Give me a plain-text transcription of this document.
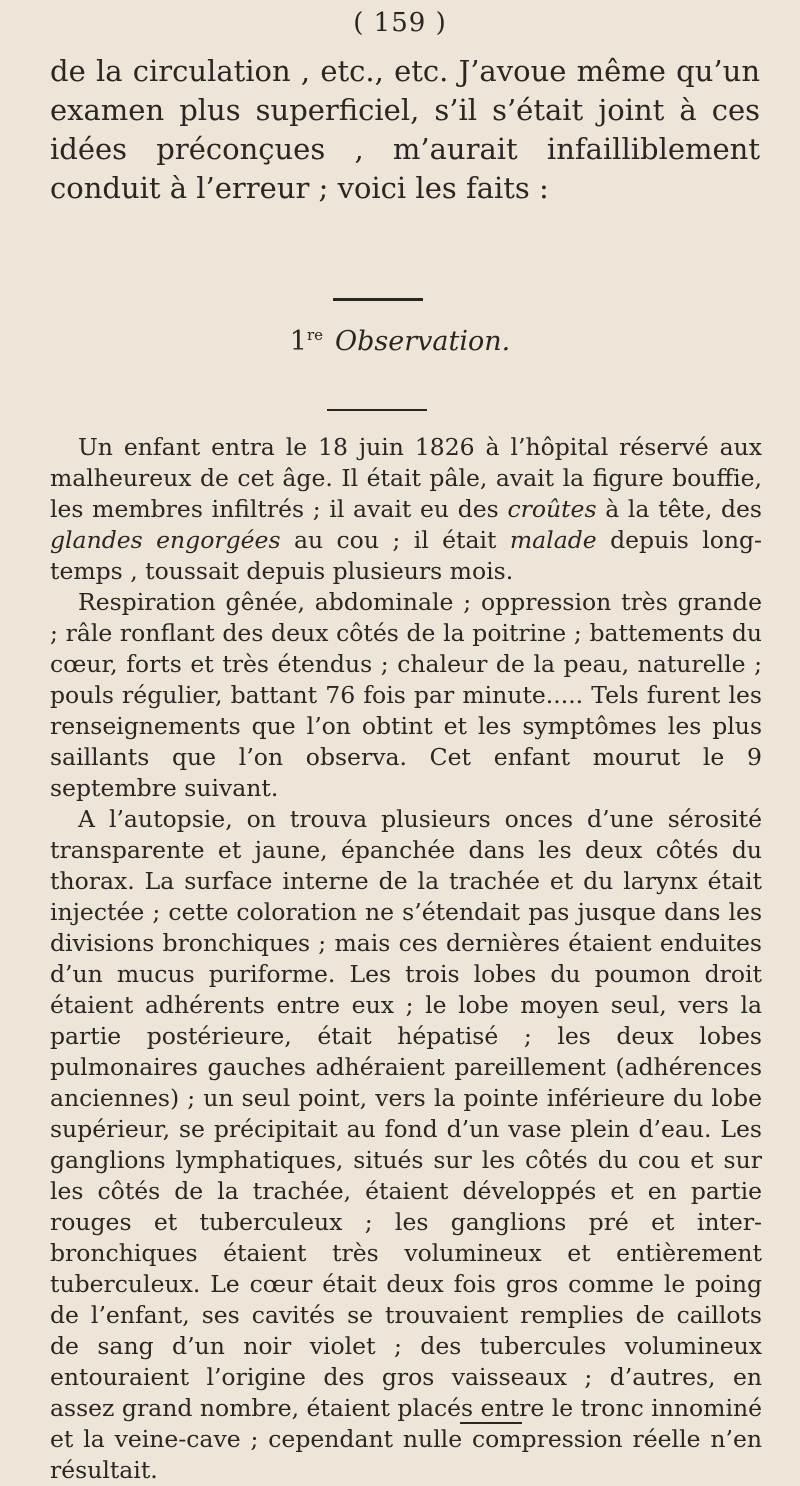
( 159 )
de la circulation , etc., etc. J’avoue même qu’un examen plus superficiel, s’il s’était joint à ces idées préconçues , m’aurait infailliblement conduit à l’erreur ; voici les faits :
1re Observation.

Un enfant entra le 18 juin 1826 à l’hôpital réservé aux malheureux de cet âge. Il était pâle, avait la figure bouffie, les membres infiltrés ; il avait eu des croûtes à la tête, des glandes engorgées au cou ; il était malade depuis long-temps , toussait depuis plusieurs mois.

Respiration gênée, abdominale ; oppression très grande ; râle ronflant des deux côtés de la poitrine ; battements du cœur, forts et très étendus ; chaleur de la peau, naturelle ; pouls régulier, battant 76 fois par minute..... Tels furent les renseignements que l’on obtint et les symptômes les plus saillants que l’on observa. Cet enfant mourut le 9 septembre suivant.

A l’autopsie, on trouva plusieurs onces d’une sérosité transparente et jaune, épanchée dans les deux côtés du thorax. La surface interne de la trachée et du larynx était injectée ; cette coloration ne s’étendait pas jusque dans les divisions bronchiques ; mais ces dernières étaient enduites d’un mucus puriforme. Les trois lobes du poumon droit étaient adhérents entre eux ; le lobe moyen seul, vers la partie postérieure, était hépatisé ; les deux lobes pulmonaires gauches adhéraient pareillement (adhérences anciennes) ; un seul point, vers la pointe inférieure du lobe supérieur, se précipitait au fond d’un vase plein d’eau. Les ganglions lymphatiques, situés sur les côtés du cou et sur les côtés de la trachée, étaient développés et en partie rouges et tuberculeux ; les ganglions pré et inter-bronchiques étaient très volumineux et entièrement tuberculeux. Le cœur était deux fois gros comme le poing de l’enfant, ses cavités se trouvaient remplies de caillots de sang d’un noir violet ; des tubercules volumineux entouraient l’origine des gros vaisseaux ; d’autres, en assez grand nombre, étaient placés entre le tronc innominé et la veine-cave ; cependant nulle compression réelle n’en résultait.
